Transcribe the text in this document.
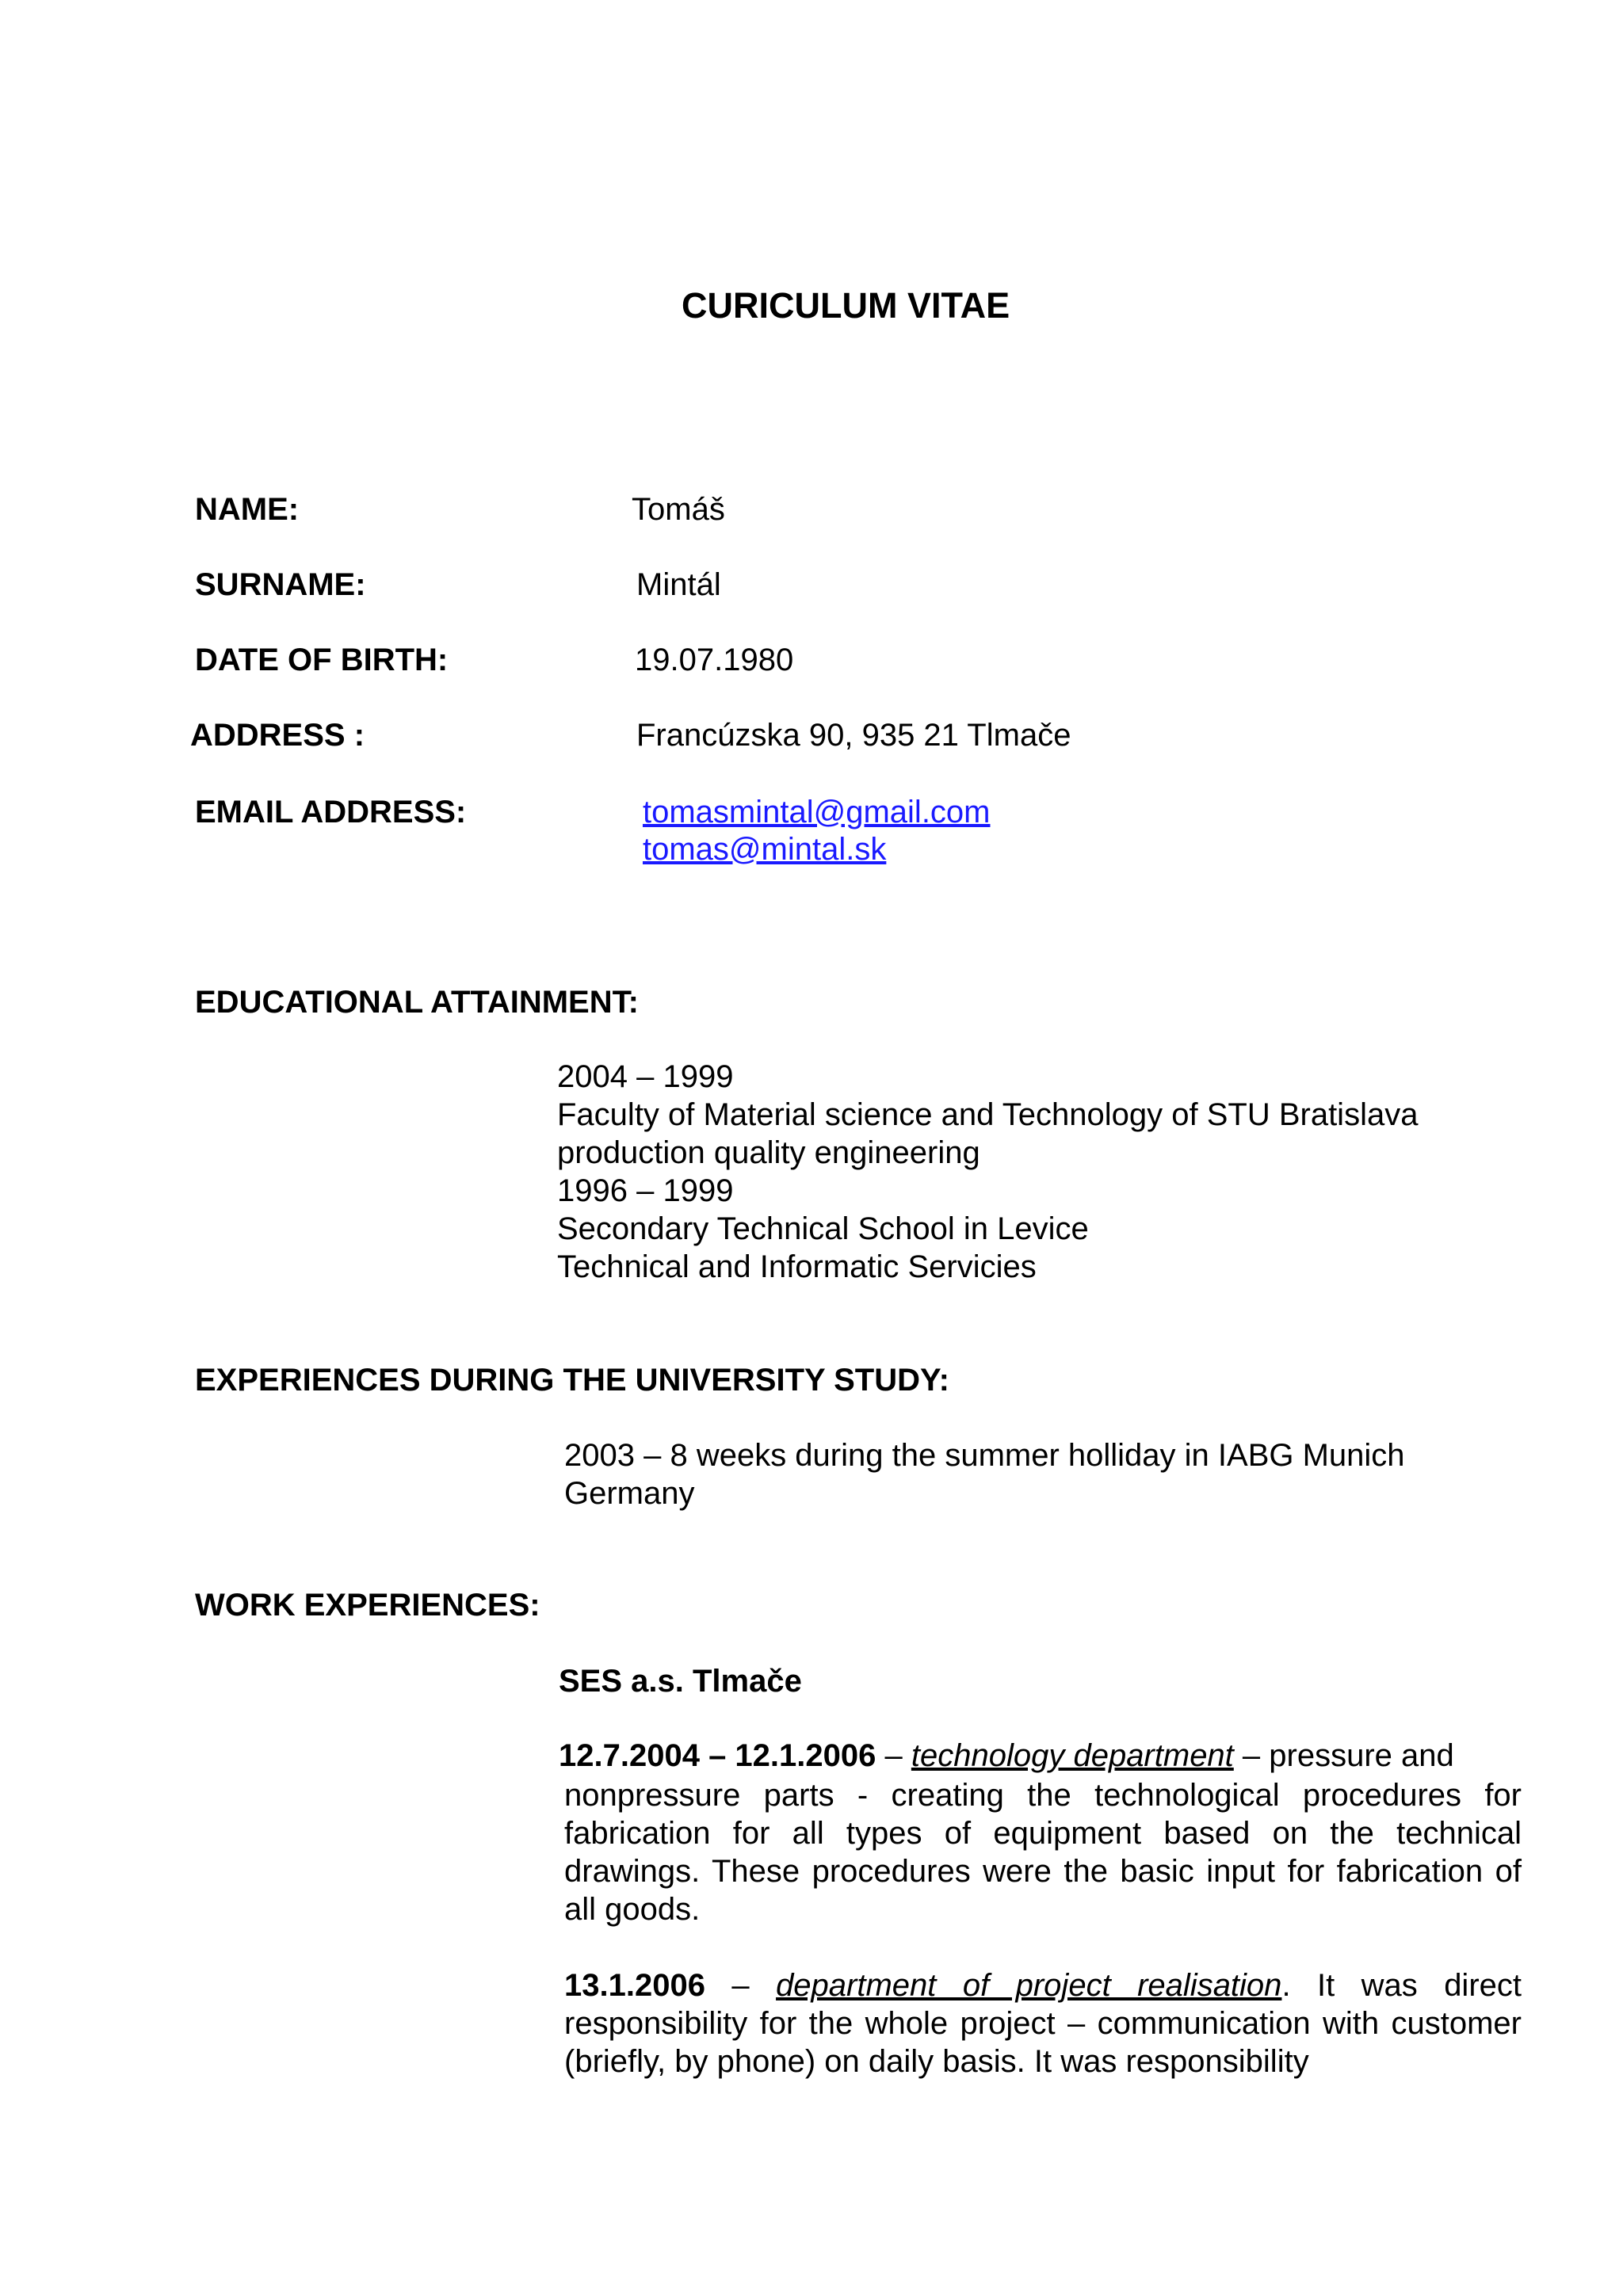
CURICULUM VITAE
NAME:	Tomáš
SURNAME:	Mintál
DATE OF BIRTH:	19.07.1980
ADDRESS :	Francúzska 90, 935 21 Tlmače
EMAIL ADDRESS:	tomasmintal@gmail.com
tomas@mintal.sk
EDUCATIONAL ATTAINMENT:
2004 – 1999
Faculty of Material science and Technology of STU Bratislava
production quality engineering
1996 – 1999
Secondary Technical School in Levice
Technical and Informatic Servicies
EXPERIENCES DURING THE UNIVERSITY STUDY:
2003 – 8 weeks during the summer holliday in IABG Munich
Germany
WORK EXPERIENCES:
SES a.s. Tlmače
12.7.2004 – 12.1.2006 – technology department – pressure and
nonpressure parts - creating the technological procedures for fabrication for all types of equipment based on the technical drawings. These procedures were the basic input for fabrication of all goods.
13.1.2006 – department of project realisation. It was direct responsibility for the whole project – communication with customer (briefly, by phone) on daily basis. It was responsibility
